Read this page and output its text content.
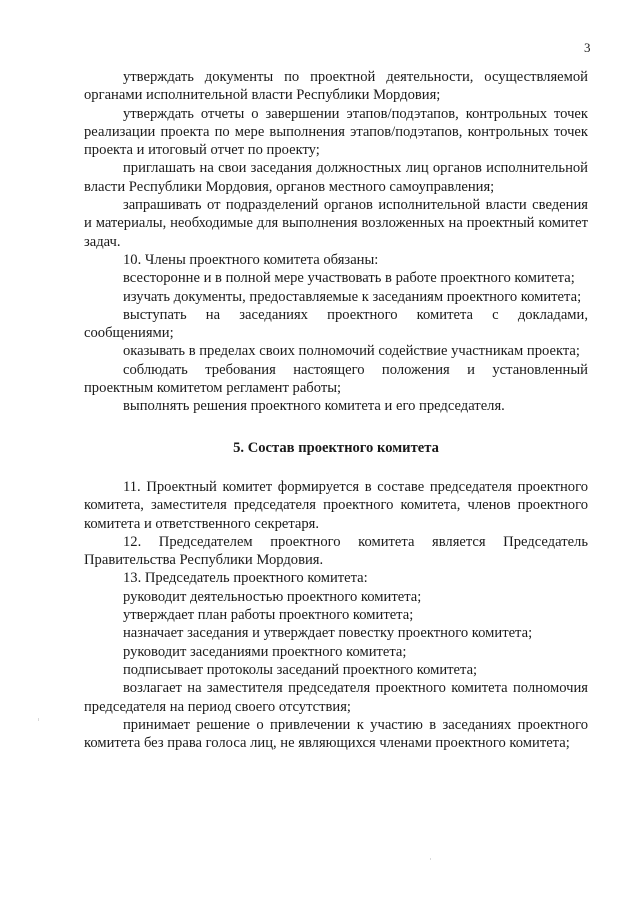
3

утверждать документы по проектной деятельности, осуществляемой органами исполнительной власти Республики Мордовия;

утверждать отчеты о завершении этапов/подэтапов, контрольных точек реализации проекта по мере выполнения этапов/подэтапов, контрольных точек проекта и итоговый отчет по проекту;

приглашать на свои заседания должностных лиц органов исполнительной власти Республики Мордовия, органов местного самоуправления;

запрашивать от подразделений органов исполнительной власти сведения и материалы, необходимые для выполнения возложенных на проектный комитет задач.

10. Члены проектного комитета обязаны:

всесторонне и в полной мере участвовать в работе проектного комитета;

изучать документы, предоставляемые к заседаниям проектного комитета;

выступать на заседаниях проектного комитета с докладами, сообщениями;

оказывать в пределах своих полномочий содействие участникам проекта;

соблюдать требования настоящего положения и установленный проектным комитетом регламент работы;

выполнять решения проектного комитета и его председателя.

5. Состав проектного комитета

11. Проектный комитет формируется в составе председателя проектного комитета, заместителя председателя проектного комитета, членов проектного комитета и ответственного секретаря.

12. Председателем проектного комитета является Председатель Правительства Республики Мордовия.

13. Председатель проектного комитета:

руководит деятельностью проектного комитета;

утверждает план работы проектного комитета;

назначает заседания и утверждает повестку проектного комитета;

руководит заседаниями проектного комитета;

подписывает протоколы заседаний проектного комитета;

возлагает на заместителя председателя проектного комитета полномочия председателя на период своего отсутствия;

принимает решение о привлечении к участию в заседаниях проектного комитета без права голоса лиц, не являющихся членами проектного комитета;
